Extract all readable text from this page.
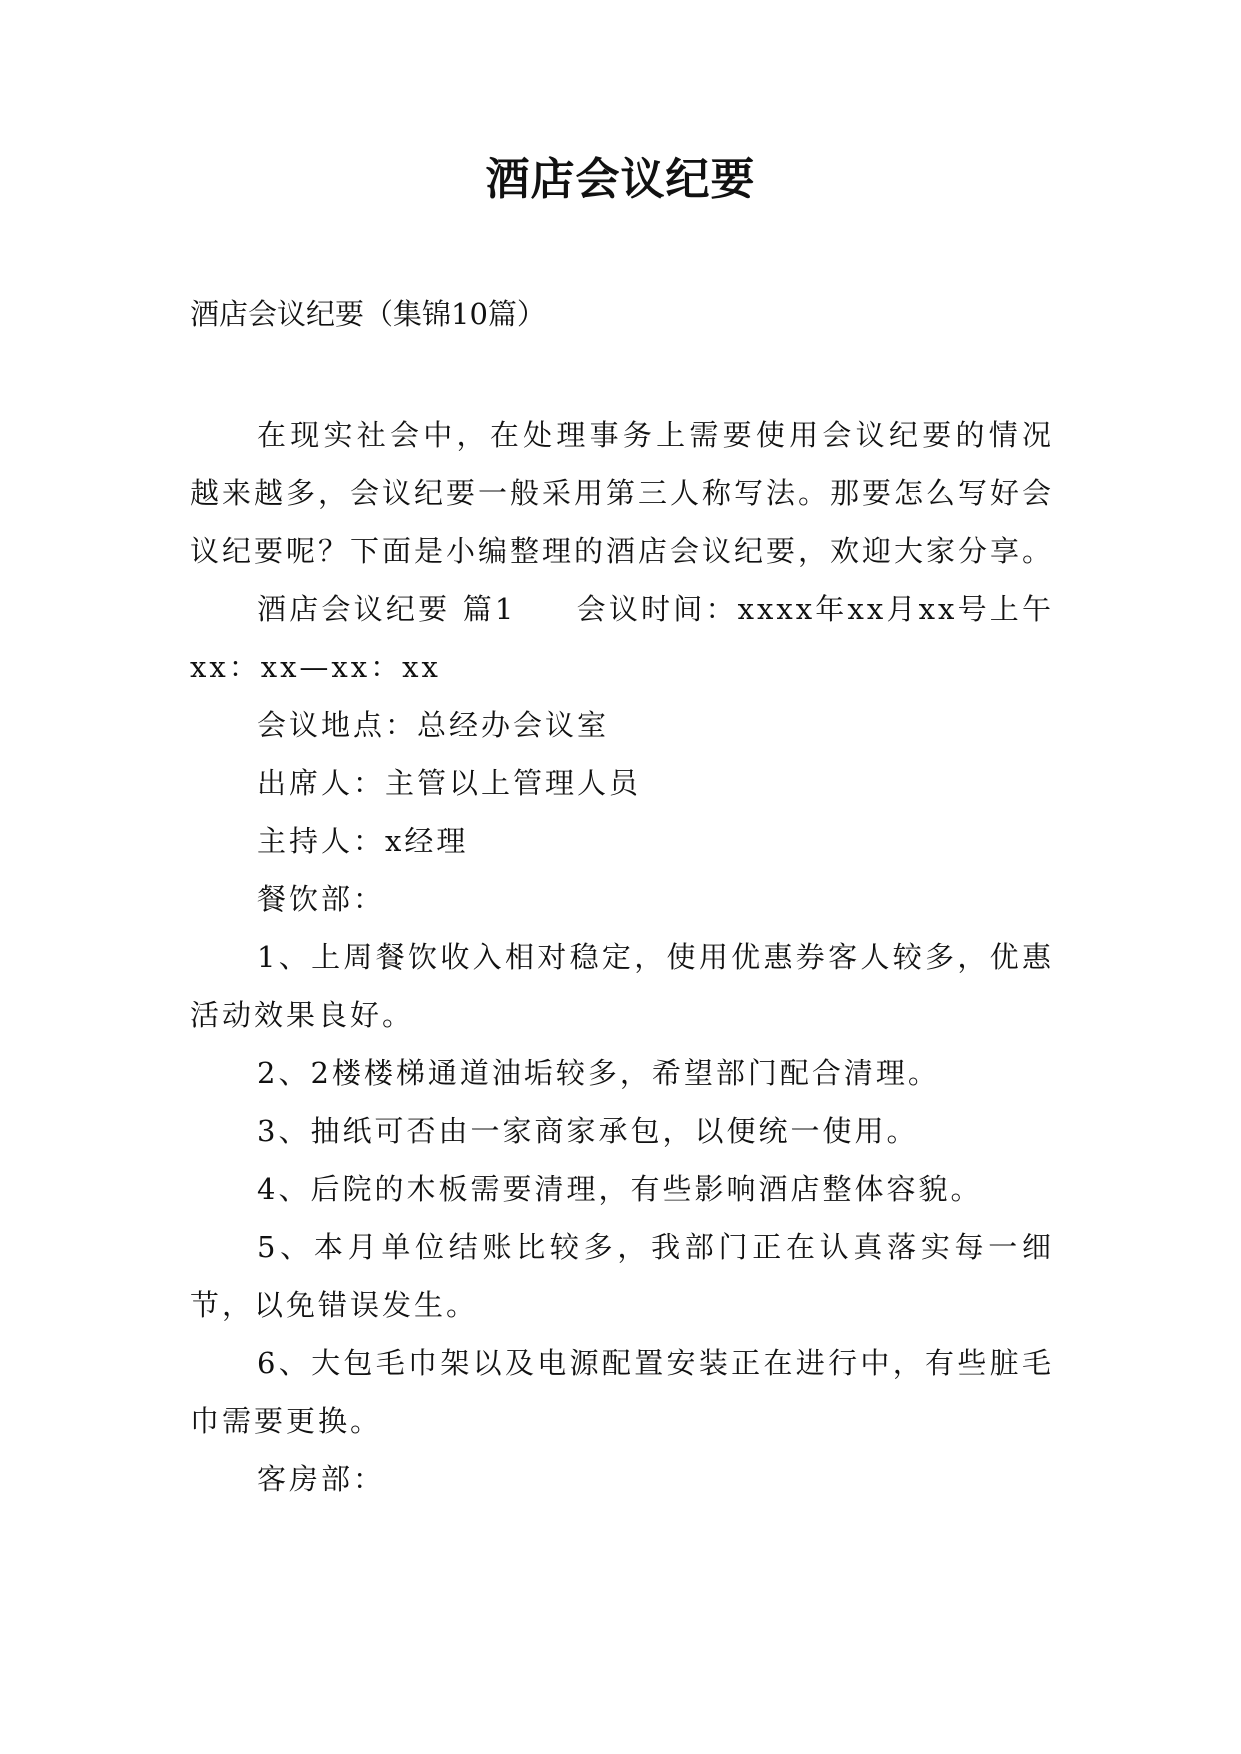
酒店会议纪要
酒店会议纪要（集锦10篇）

在现实社会中，在处理事务上需要使用会议纪要的情况越来越多，会议纪要一般采用第三人称写法。那要怎么写好会议纪要呢？下面是小编整理的酒店会议纪要，欢迎大家分享。

酒店会议纪要 篇1 会议时间：xxxx年xx月xx号上午xx：xx—xx：xx

会议地点：总经办会议室

出席人：主管以上管理人员

主持人：x经理

餐饮部：

1、上周餐饮收入相对稳定，使用优惠券客人较多，优惠活动效果良好。

2、2楼楼梯通道油垢较多，希望部门配合清理。

3、抽纸可否由一家商家承包，以便统一使用。

4、后院的木板需要清理，有些影响酒店整体容貌。

5、本月单位结账比较多，我部门正在认真落实每一细节，以免错误发生。

6、大包毛巾架以及电源配置安装正在进行中，有些脏毛巾需要更换。

客房部：
